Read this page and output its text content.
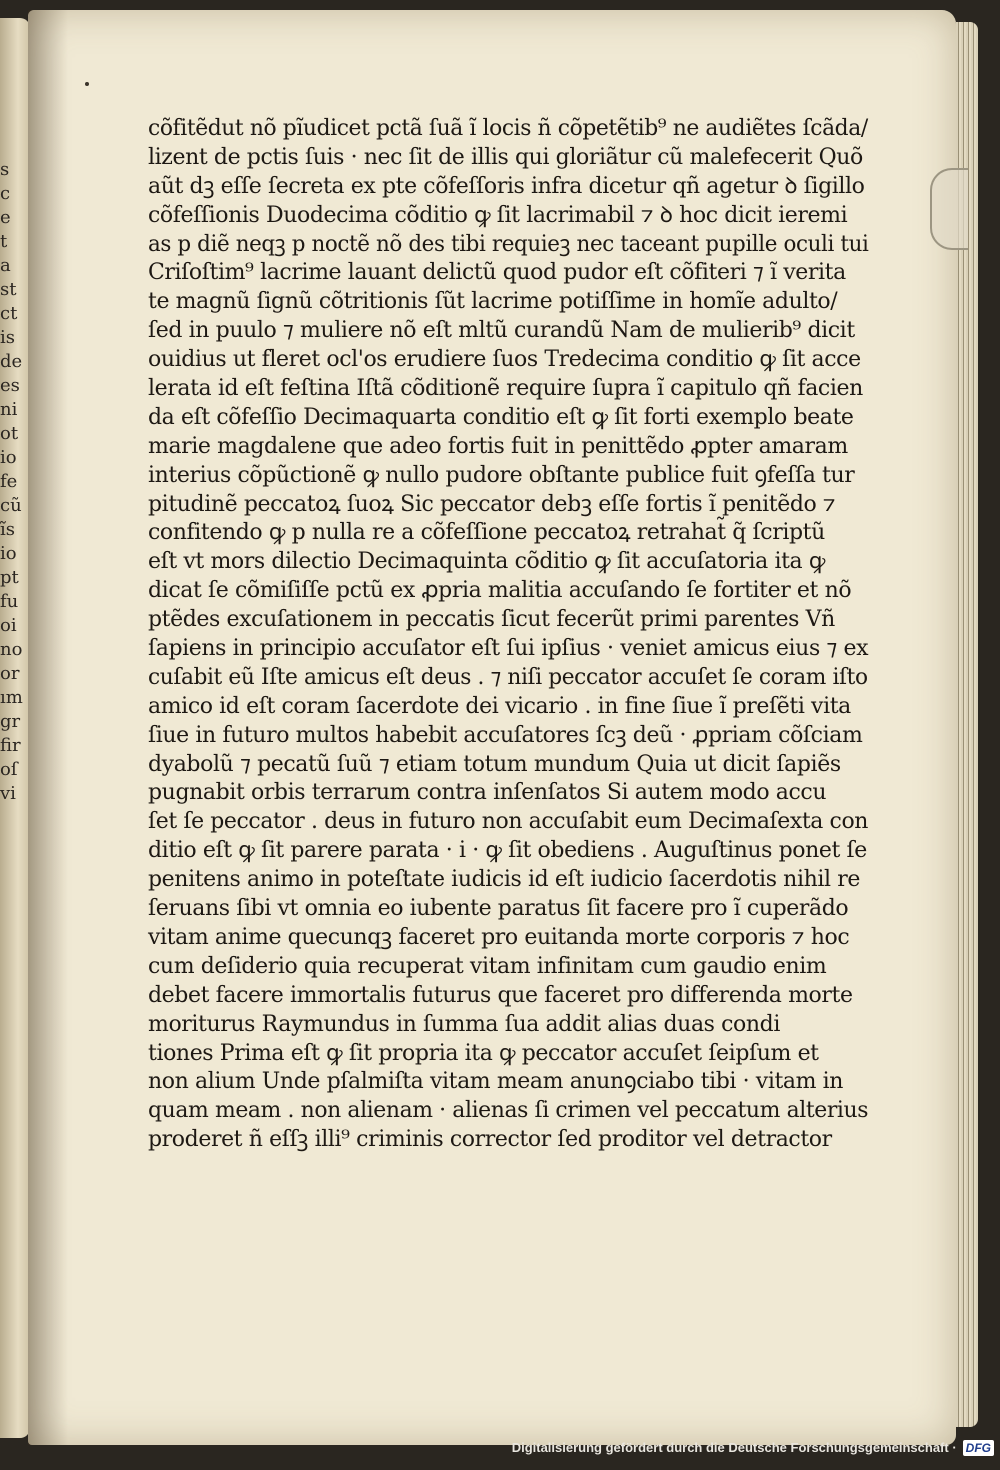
s
c
e
t
a
st
ct
is
de
es
ni
ot
io
fe
cũ
ĩs
io
pt
fu
oi
no
or
ım
gr
fir
oſ
vi
cõfitẽdut nõ pĩudicet pctã ſuã ĩ locis ñ cõpetẽtib⁹ ne audiẽtes ſcãda/
lizent de pctis ſuis · nec ſit de illis qui gloriãtur cũ malefecerit Quõ
aũt dꝫ eſſe ſecreta ex pte cõfeſſoris infra dicetur qñ agetur ꝺ ſigillo
cõfeſſionis Duodecima cõditio ꝙ ſit lacrimabil ⁊ ꝺ hoc dicit ieremi
as p diẽ neqꝫ p noctẽ nõ des tibi requieꝫ nec taceant pupille oculi tui
Criſoſtim⁹ lacrime lauant delictũ quod pudor eſt cõfiteri ⁊ ĩ verita
te magnũ ſignũ cõtritionis ſũt lacrime potiſſime in homĩe adulto/
ſed in puulo ⁊ muliere nõ eſt mltũ curandũ Nam de mulierib⁹ dicit
ouidius ut fleret ocl'os erudiere ſuos Tredecima conditio ꝙ ſit acce
lerata id eſt feſtina Iſtã cõditionẽ require ſupra ĩ capitulo qñ facien
da eſt cõfeſſio Decimaquarta conditio eſt ꝙ ſit forti exemplo beate
marie magdalene que adeo fortis fuit in penittẽdo ꝓpter amaram
interius cõpũctionẽ ꝙ nullo pudore obſtante publice fuit ꝯfeſſa tur
pitudinẽ peccatoꝝ ſuoꝝ Sic peccator debꝫ eſſe fortis ĩ penitẽdo ⁊
confitendo ꝙ p nulla re a cõfeſſione peccatoꝝ retrahat̃ q̃ ſcriptũ
eſt vt mors dilectio Decimaquinta cõditio ꝙ ſit accuſatoria ita ꝙ
dicat ſe cõmiſiſſe pctũ ex ꝓpria malitia accuſando ſe fortiter et nõ
ptẽdes excuſationem in peccatis ſicut fecerũt primi parentes Vñ
ſapiens in principio accuſator eſt ſui ipſius · veniet amicus eius ⁊ ex
cuſabit eũ Iſte amicus eſt deus . ⁊ niſi peccator accuſet ſe coram iſto
amico id eſt coram ſacerdote dei vicario . in fine ſiue ĩ preſẽti vita
ſiue in futuro multos habebit accuſatores ſcꝫ deũ · ꝓpriam cõſciam
dyabolũ ⁊ pecatũ ſuũ ⁊ etiam totum mundum Quia ut dicit ſapiẽs
pugnabit orbis terrarum contra inſenſatos Si autem modo accu
ſet ſe peccator . deus in futuro non accuſabit eum Decimaſexta con
ditio eſt ꝙ ſit parere parata · i · ꝙ ſit obediens . Auguſtinus ponet ſe
penitens animo in poteſtate iudicis id eſt iudicio ſacerdotis nihil re
ſeruans ſibi vt omnia eo iubente paratus ſit facere pro ĩ cuperãdo
vitam anime quecunqꝫ faceret pro euitanda morte corporis ⁊ hoc
cum deſiderio quia recuperat vitam infinitam cum gaudio enim
debet facere immortalis futurus que faceret pro differenda morte
moriturus Raymundus in ſumma ſua addit alias duas condi
tiones Prima eſt ꝙ ſit propria ita ꝙ peccator accuſet ſeipſum et
non alium Unde pſalmiſta vitam meam anunꝯciabo tibi · vitam in
quam meam . non alienam · alienas ſi crimen vel peccatum alterius
proderet ñ eſſꝫ illi⁹ criminis corrector ſed proditor vel detractor
Digitalisierung gefördert durch die Deutsche Forschungsgemeinschaft · DFG
